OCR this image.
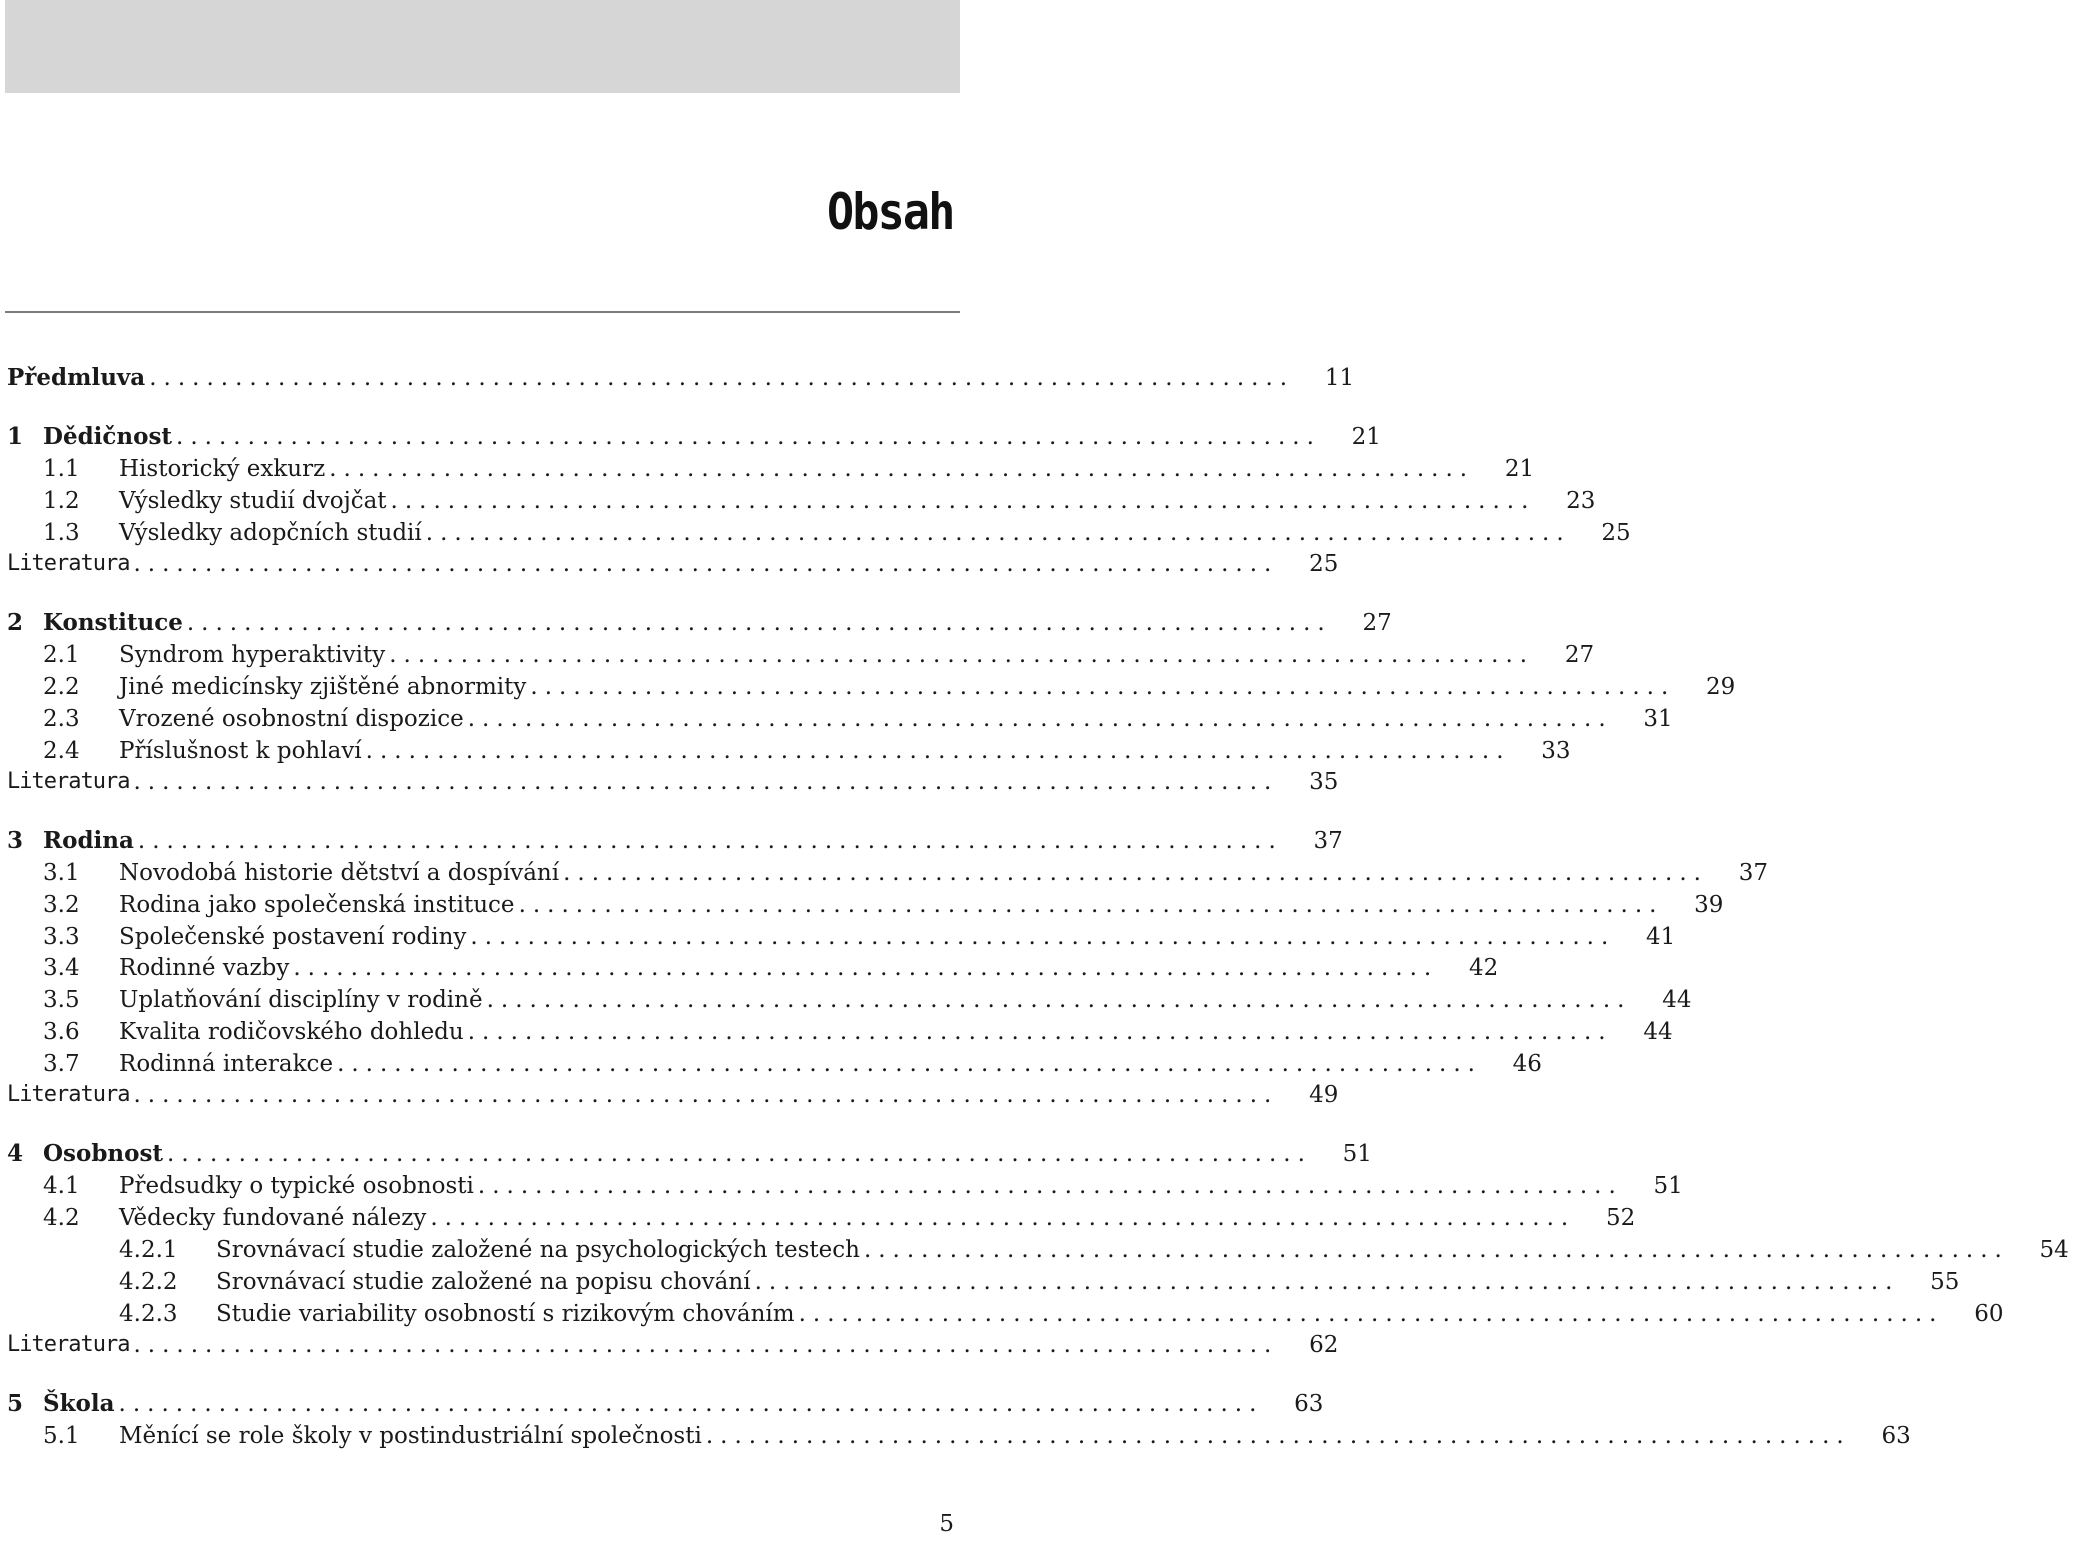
Obsah
Předmluva ................................................................................	11
1 Dědičnost ................................................................................	21
1.1	Historický exkurz ................................................................................	21
1.2	Výsledky studií dvojčat ................................................................................	23
1.3	Výsledky adopčních studií ................................................................................	25
Literatura ................................................................................	25
2 Konstituce ................................................................................	27
2.1	Syndrom hyperaktivity ................................................................................	27
2.2	Jiné medicínsky zjištěné abnormity ................................................................................	29
2.3	Vrozené osobnostní dispozice ................................................................................	31
2.4	Příslušnost k pohlaví ................................................................................	33
Literatura ................................................................................	35
3 Rodina ................................................................................	37
3.1	Novodobá historie dětství a dospívání ................................................................................	37
3.2	Rodina jako společenská instituce ................................................................................	39
3.3	Společenské postavení rodiny ................................................................................	41
3.4	Rodinné vazby ................................................................................	42
3.5	Uplatňování disciplíny v rodině ................................................................................	44
3.6	Kvalita rodičovského dohledu ................................................................................	44
3.7	Rodinná interakce ................................................................................	46
Literatura ................................................................................	49
4 Osobnost ................................................................................	51
4.1	Předsudky o typické osobnosti ................................................................................	51
4.2	Vědecky fundované nálezy ................................................................................	52
4.2.1	Srovnávací studie založené na psychologických testech ................................................................................	54
4.2.2	Srovnávací studie založené na popisu chování ................................................................................	55
4.2.3	Studie variability osobností s rizikovým chováním ................................................................................	60
Literatura ................................................................................	62
5 Škola ................................................................................	63
5.1	Měnící se role školy v postindustriální společnosti ................................................................................	63
5
